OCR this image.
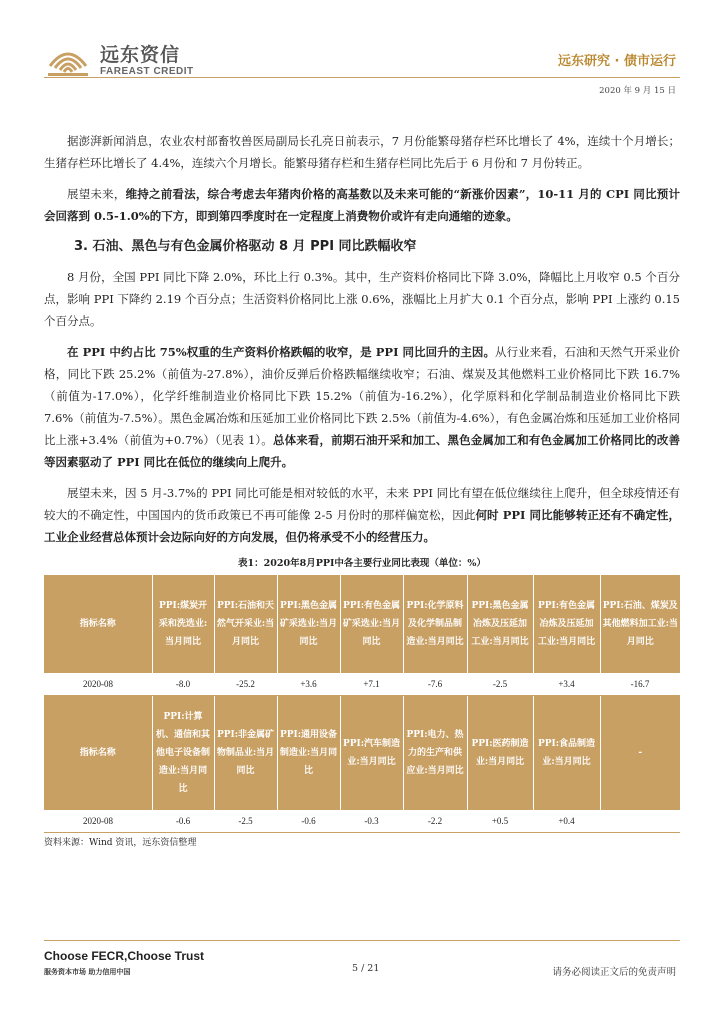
远东资信
FAREAST CREDIT
远东研究 · 债市运行
2020 年 9 月 15 日

据澎湃新闻消息，农业农村部畜牧兽医局副局长孔亮日前表示，7 月份能繁母猪存栏环比增长了 4%，连续十个月增长；生猪存栏环比增长了 4.4%，连续六个月增长。能繁母猪存栏和生猪存栏同比先后于 6 月份和 7 月份转正。

展望未来，维持之前看法，综合考虑去年猪肉价格的高基数以及未来可能的“新涨价因素”，10-11 月的 CPI 同比预计会回落到 0.5-1.0%的下方，即到第四季度时在一定程度上消费物价或许有走向通缩的迹象。

3. 石油、黑色与有色金属价格驱动 8 月 PPI 同比跌幅收窄

8 月份，全国 PPI 同比下降 2.0%，环比上行 0.3%。其中，生产资料价格同比下降 3.0%，降幅比上月收窄 0.5 个百分点，影响 PPI 下降约 2.19 个百分点；生活资料价格同比上涨 0.6%，涨幅比上月扩大 0.1 个百分点，影响 PPI 上涨约 0.15 个百分点。

在 PPI 中约占比 75%权重的生产资料价格跌幅的收窄，是 PPI 同比回升的主因。从行业来看，石油和天然气开采业价格，同比下跌 25.2%（前值为-27.8%），油价反弹后价格跌幅继续收窄；石油、煤炭及其他燃料工业价格同比下跌 16.7%（前值为-17.0%），化学纤维制造业价格同比下跌 15.2%（前值为-16.2%），化学原料和化学制品制造业价格同比下跌 7.6%（前值为-7.5%）。黑色金属冶炼和压延加工业价格同比下跌 2.5%（前值为-4.6%），有色金属冶炼和压延加工业价格同比上涨+3.4%（前值为+0.7%）（见表 1）。总体来看，前期石油开采和加工、黑色金属加工和有色金属加工价格同比的改善等因素驱动了 PPI 同比在低位的继续向上爬升。

展望未来，因 5 月-3.7%的 PPI 同比可能是相对较低的水平，未来 PPI 同比有望在低位继续往上爬升，但全球疫情还有较大的不确定性，中国国内的货币政策已不再可能像 2-5 月份时的那样偏宽松，因此何时 PPI 同比能够转正还有不确定性，工业企业经营总体预计会边际向好的方向发展，但仍将承受不小的经营压力。

表1：2020年8月PPI中各主要行业同比表现（单位：%）
指标名称	PPI:煤炭开采和洗选业:当月同比	PPI:石油和天然气开采业:当月同比	PPI:黑色金属矿采选业:当月同比	PPI:有色金属矿采选业:当月同比	PPI:化学原料及化学制品制造业:当月同比	PPI:黑色金属冶炼及压延加工业:当月同比	PPI:有色金属冶炼及压延加工业:当月同比	PPI:石油、煤炭及其他燃料加工业:当月同比
2020-08	-8.0	-25.2	+3.6	+7.1	-7.6	-2.5	+3.4	-16.7
指标名称	PPI:计算机、通信和其他电子设备制造业:当月同比	PPI:非金属矿物制品业:当月同比	PPI:通用设备制造业:当月同比	PPI:汽车制造业:当月同比	PPI:电力、热力的生产和供应业:当月同比	PPI:医药制造业:当月同比	PPI:食品制造业:当月同比	-
2020-08	-0.6	-2.5	-0.6	-0.3	-2.2	+0.5	+0.4	
资料来源：Wind 资讯，远东资信整理
Choose FECR,Choose Trust
服务资本市场 助力信用中国	5 / 21	请务必阅读正文后的免责声明
